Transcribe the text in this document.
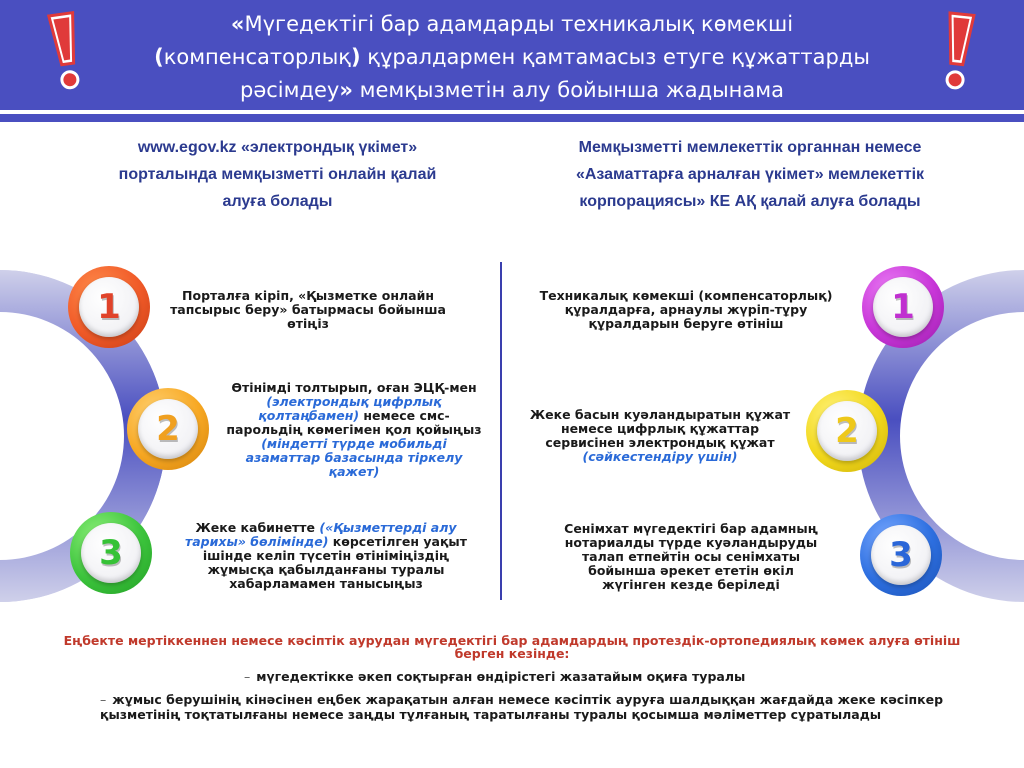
«Мүгедектігі бар адамдарды техникалық көмекші
(компенсаторлық) құралдармен қамтамасыз етуге құжаттарды
рәсімдеу» мемқызметін алу бойынша жадынама
www.egov.kz «электрондық үкімет» порталында мемқызметті онлайн қалай алуға болады
Мемқызметті мемлекеттік органнан немесе «Азаматтарға арналған үкімет» мемлекеттік корпорациясы» КЕ АҚ қалай алуға болады
1
2
3
Порталға кіріп, «Қызметке онлайн тапсырыс беру» батырмасы бойынша өтіңіз
Өтінімді толтырып, оған ЭЦҚ-мен (электрондық цифрлық қолтаңбамен) немесе смс-парольдің көмегімен қол қойыңыз (міндетті түрде мобильді азаматтар базасында тіркелу қажет)
Жеке кабинетте («Қызметтерді алу тарихы» бөлімінде) көрсетілген уақыт ішінде келіп түсетін өтініміңіздің жұмысқа қабылданғаны туралы хабарламамен танысыңыз
1
2
3
Техникалық көмекші (компенсаторлық) құралдарға, арнаулы жүріп-тұру құралдарын беруге өтініш
Жеке басын куәландыратын құжат немесе цифрлық құжаттар сервисінен электрондық құжат (сәйкестендіру үшін)
Сенімхат мүгедектігі бар адамның нотариалды түрде куәландыруды талап етпейтін осы сенімхаты бойынша әрекет ететін өкіл жүгінген кезде беріледі
Еңбекте мертіккеннен немесе кәсіптік аурудан мүгедектігі бар адамдардың протездік-ортопедиялық көмек алуға өтініш берген кезінде:
– мүгедектікке әкеп соқтырған өндірістегі жазатайым оқиға туралы
– жұмыс берушінің кінәсінен еңбек жарақатын алған немесе кәсіптік ауруға шалдыққан жағдайда жеке кәсіпкер қызметінің тоқтатылғаны немесе заңды тұлғаның таратылғаны туралы қосымша мәліметтер сұратылады
